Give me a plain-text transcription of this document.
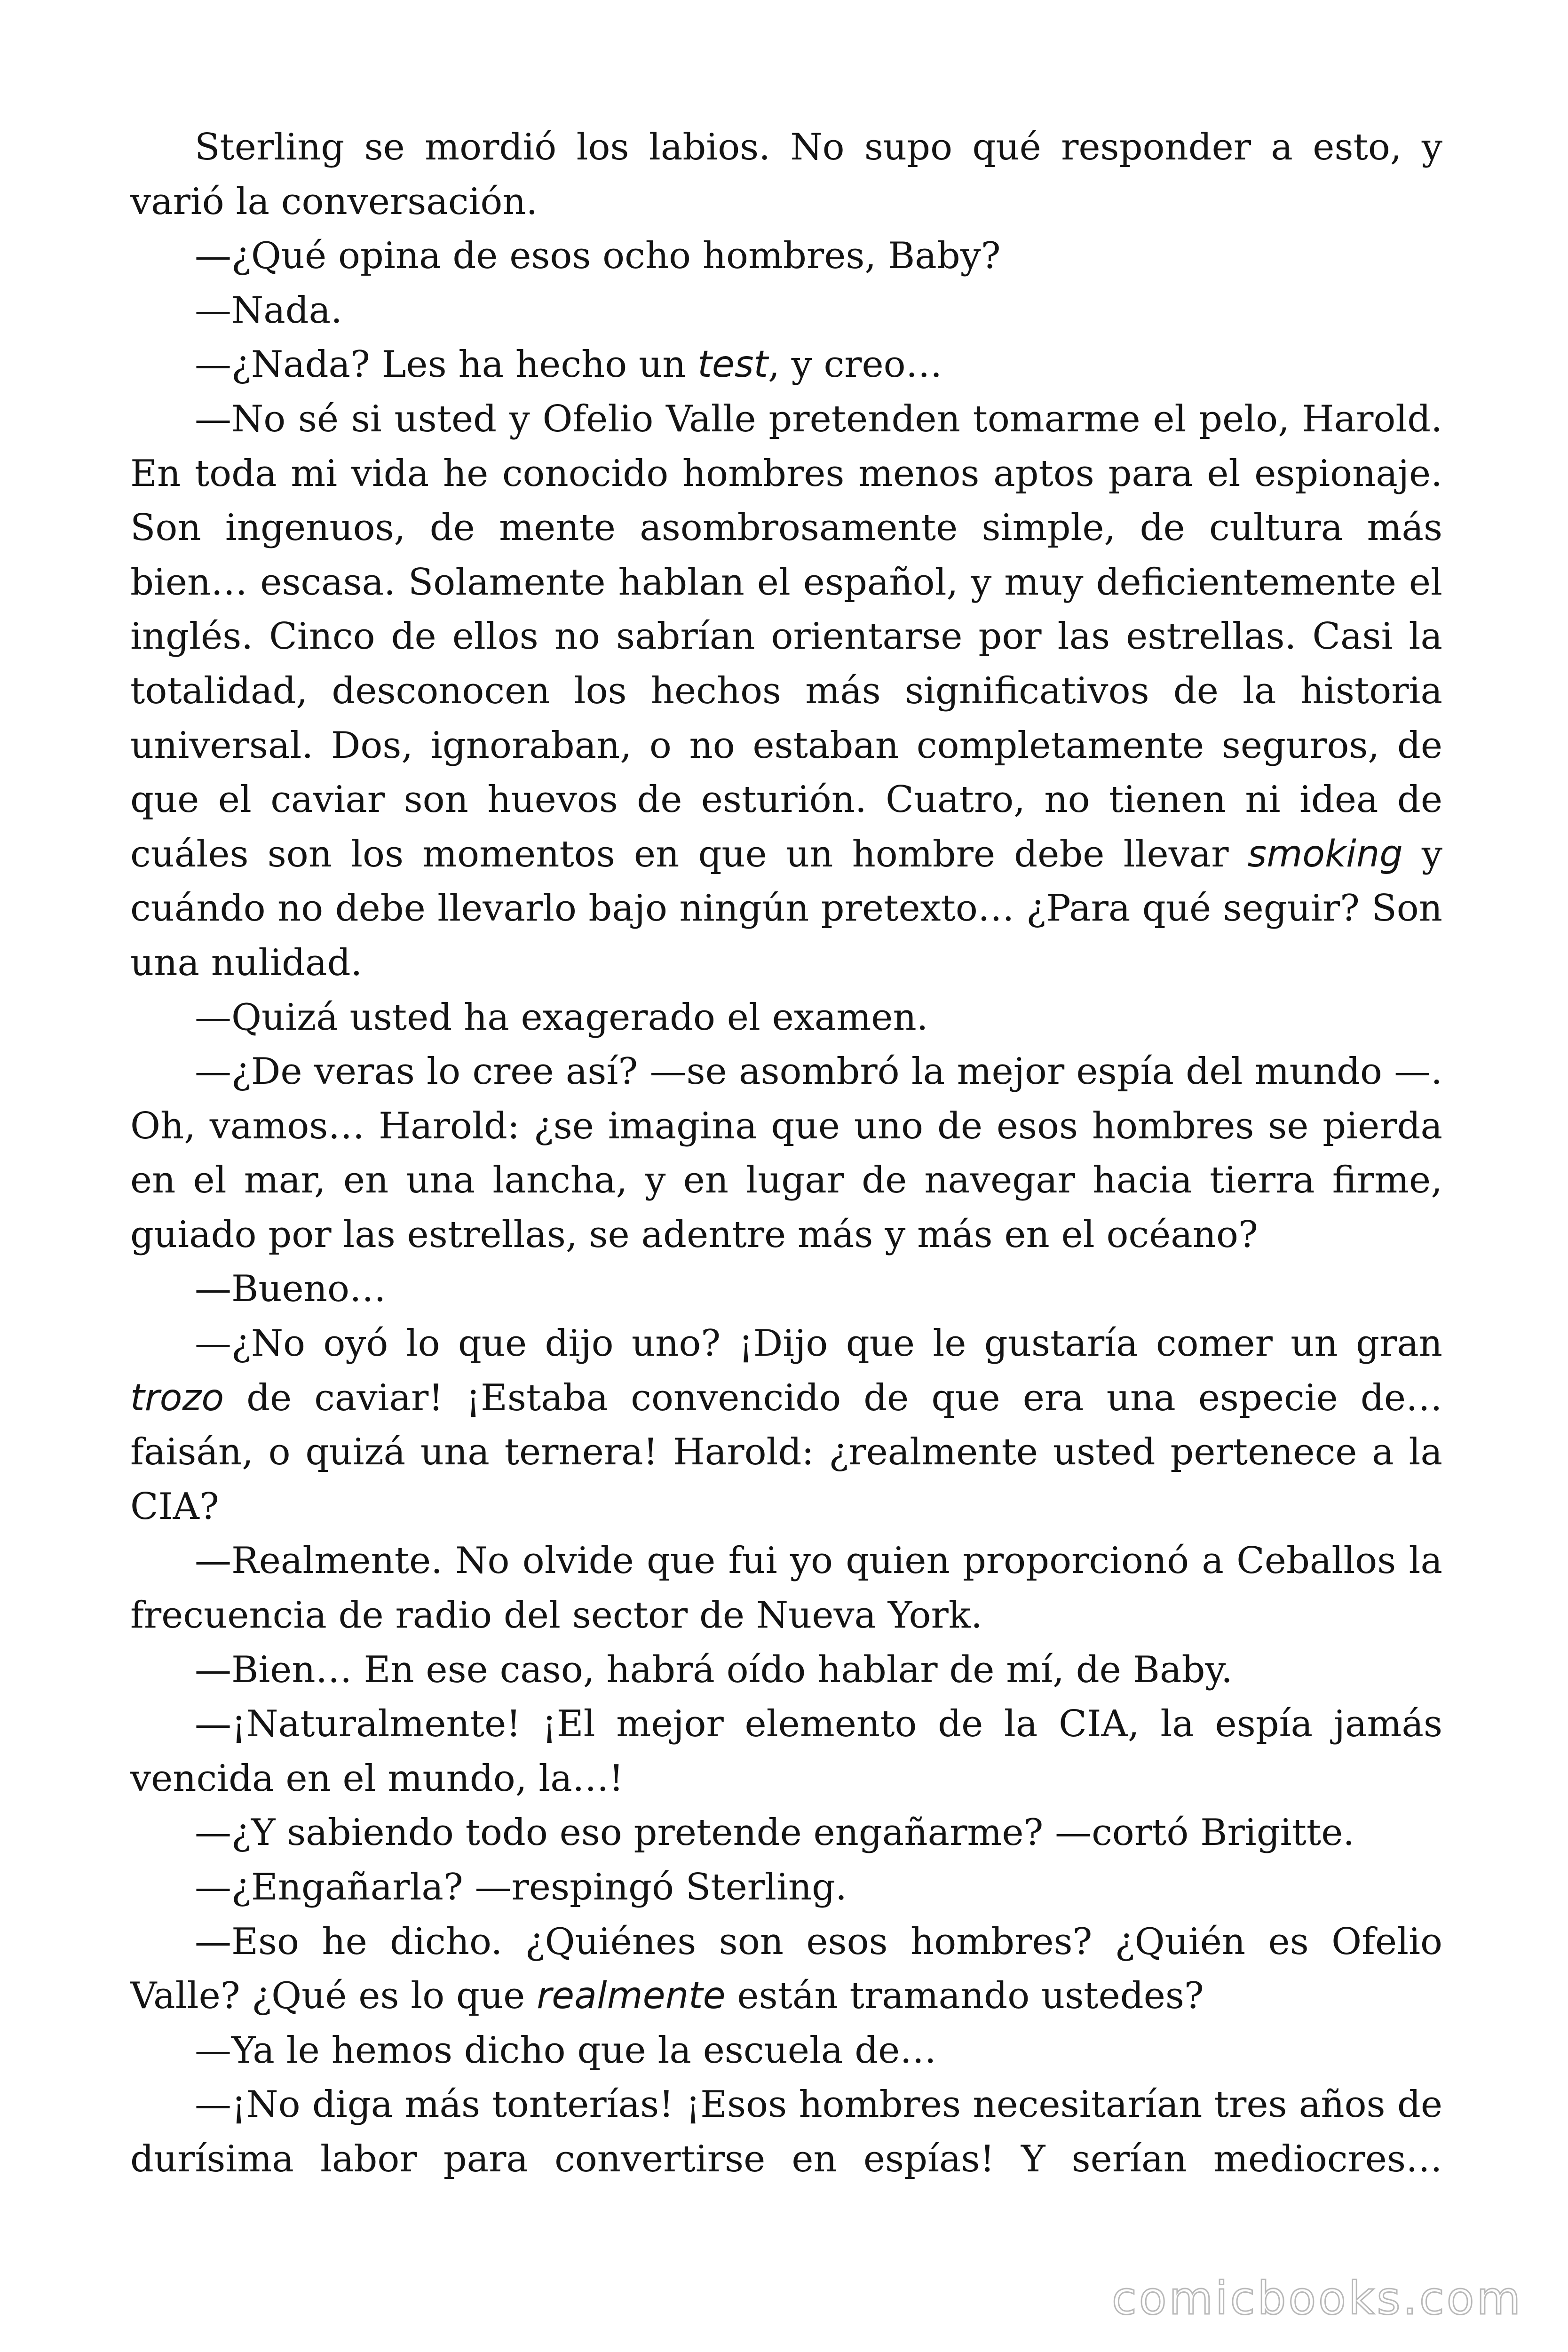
Sterling se mordió los labios. No supo qué responder a esto, y varió la conversación.

—¿Qué opina de esos ocho hombres, Baby?

—Nada.

—¿Nada? Les ha hecho un test, y creo…

—No sé si usted y Ofelio Valle pretenden tomarme el pelo, Harold. En toda mi vida he conocido hombres menos aptos para el espionaje. Son ingenuos, de mente asombrosamente simple, de cultura más bien… escasa. Solamente hablan el español, y muy deficientemente el inglés. Cinco de ellos no sabrían orientarse por las estrellas. Casi la totalidad, desconocen los hechos más significativos de la historia universal. Dos, ignoraban, o no estaban completamente seguros, de que el caviar son huevos de esturión. Cuatro, no tienen ni idea de cuáles son los momentos en que un hombre debe llevar smoking y cuándo no debe llevarlo bajo ningún pretexto… ¿Para qué seguir? Son una nulidad.

—Quizá usted ha exagerado el examen.

—¿De veras lo cree así? —se asombró la mejor espía del mundo —. Oh, vamos… Harold: ¿se imagina que uno de esos hombres se pierda en el mar, en una lancha, y en lugar de navegar hacia tierra firme, guiado por las estrellas, se adentre más y más en el océano?

—Bueno…

—¿No oyó lo que dijo uno? ¡Dijo que le gustaría comer un gran trozo de caviar! ¡Estaba convencido de que era una especie de… faisán, o quizá una ternera! Harold: ¿realmente usted pertenece a la CIA?

—Realmente. No olvide que fui yo quien proporcionó a Ceballos la frecuencia de radio del sector de Nueva York.

—Bien… En ese caso, habrá oído hablar de mí, de Baby.

—¡Naturalmente! ¡El mejor elemento de la CIA, la espía jamás vencida en el mundo, la…!

—¿Y sabiendo todo eso pretende engañarme? —cortó Brigitte.

—¿Engañarla? —respingó Sterling.

—Eso he dicho. ¿Quiénes son esos hombres? ¿Quién es Ofelio Valle? ¿Qué es lo que realmente están tramando ustedes?

—Ya le hemos dicho que la escuela de…

—¡No diga más tonterías! ¡Esos hombres necesitarían tres años de durísima labor para convertirse en espías! Y serían mediocres…

comicbooks.com
